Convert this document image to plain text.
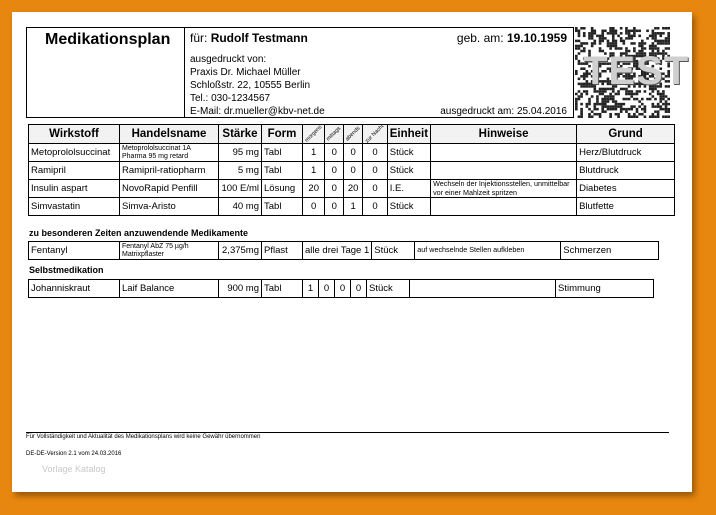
Medikationsplan für: Rudolf Testmann	geb. am: 19.10.1959
ausgedruckt von:
Praxis Dr. Michael Müller
Schloßstr. 22, 10555 Berlin
Tel.: 030-1234567
E-Mail: dr.mueller@kbv-net.de	ausgedruckt am: 25.04.2016
TEST
Wirkstoff	Handelsname	Stärke	Form	morgens	mittags	abends	zur Nacht	Einheit	Hinweise	Grund
Metoprololsuccinat	Metoprololsuccinat 1A Pharma 95 mg retard	95 mg	Tabl	1	0	0	0	Stück		Herz/Blutdruck
Ramipril	Ramipril-ratiopharm	5 mg	Tabl	1	0	0	0	Stück		Blutdruck
Insulin aspart	NovoRapid Penfill	100 E/ml	Lösung	20	0	20	0	I.E.	Wechseln der Injektionsstellen, unmittelbar vor einer Mahlzeit spritzen	Diabetes
Simvastatin	Simva-Aristo	40 mg	Tabl	0	0	1	0	Stück		Blutfette
zu besonderen Zeiten anzuwendende Medikamente
Fentanyl	Fentanyl AbZ 75 µg/h Matrixpflaster	2,375mg	Pflast	alle drei Tage 1	Stück	auf wechselnde Stellen aufkleben	Schmerzen
Selbstmedikation
Johanniskraut	Laif Balance	900 mg	Tabl	1	0	0	0	Stück		Stimmung
Für Vollständigkeit und Aktualität des Medikationsplans wird keine Gewähr übernommen
DE-DE-Version 2.1 vom 24.03.2016
Vorlage Katalog
